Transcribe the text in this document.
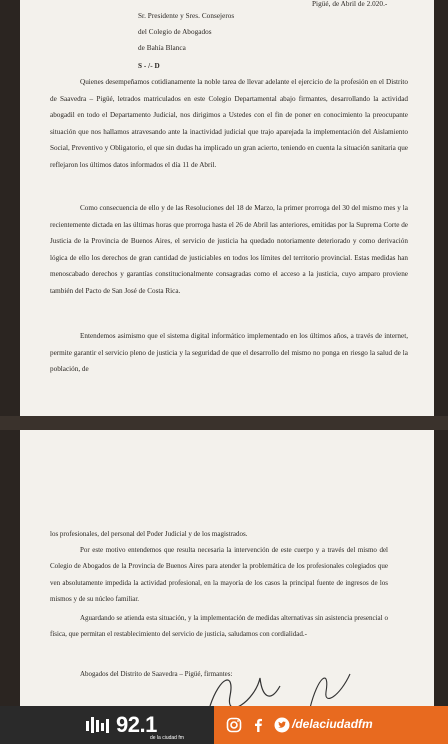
Pigüé, de Abril de 2.020.-
Sr. Presidente y Sres. Consejeros
del Colegio de Abogados
de Bahía Blanca
S - /- D
Quienes desempeñamos cotidianamente la noble tarea de llevar adelante el ejercicio de la profesión en el Distrito de Saavedra – Pigüé, letrados matriculados en este Colegio Departamental abajo firmantes, desarrollando la actividad abogadil en todo el Departamento Judicial, nos dirigimos a Ustedes con el fin de poner en conocimiento la preocupante situación que nos hallamos atravesando ante la inactividad judicial que trajo aparejada la implementación del Aislamiento Social, Preventivo y Obligatorio, el que sin dudas ha implicado un gran acierto, teniendo en cuenta la situación sanitaria que reflejaron los últimos datos informados el día 11 de Abril.
Como consecuencia de ello y de las Resoluciones del 18 de Marzo, la primer prorroga del 30 del mismo mes y la recientemente dictada en las últimas horas que prorroga hasta el 26 de Abril las anteriores, emitidas por la Suprema Corte de Justicia de la Provincia de Buenos Aires, el servicio de justicia ha quedado notoriamente deteriorado y como derivación lógica de ello los derechos de gran cantidad de justiciables en todos los límites del territorio provincial. Estas medidas han menoscabado derechos y garantías constitucionalmente consagradas como el acceso a la justicia, cuyo amparo proviene también del Pacto de San José de Costa Rica.
Entendemos asimismo que el sistema digital informático implementado en los últimos años, a través de internet, permite garantir el servicio pleno de justicia y la seguridad de que el desarrollo del mismo no ponga en riesgo la salud de la población, de
los profesionales, del personal del Poder Judicial y de los magistrados.
Por este motivo entendemos que resulta necesaria la intervención de este cuerpo y a través del mismo del Colegio de Abogados de la Provincia de Buenos Aires para atender la problemática de los profesionales colegiados que ven absolutamente impedida la actividad profesional, en la mayoría de los casos la principal fuente de ingresos de los mismos y de su núcleo familiar.
Aguardando se atienda esta situación, y la implementación de medidas alternativas sin asistencia presencial o física, que permitan el restablecimiento del servicio de justicia, saludamos con cordialidad.-
Abogados del Distrito de Saavedra – Pigüé, firmantes:
92.1
de la ciudad fm

/delaciudadfm
